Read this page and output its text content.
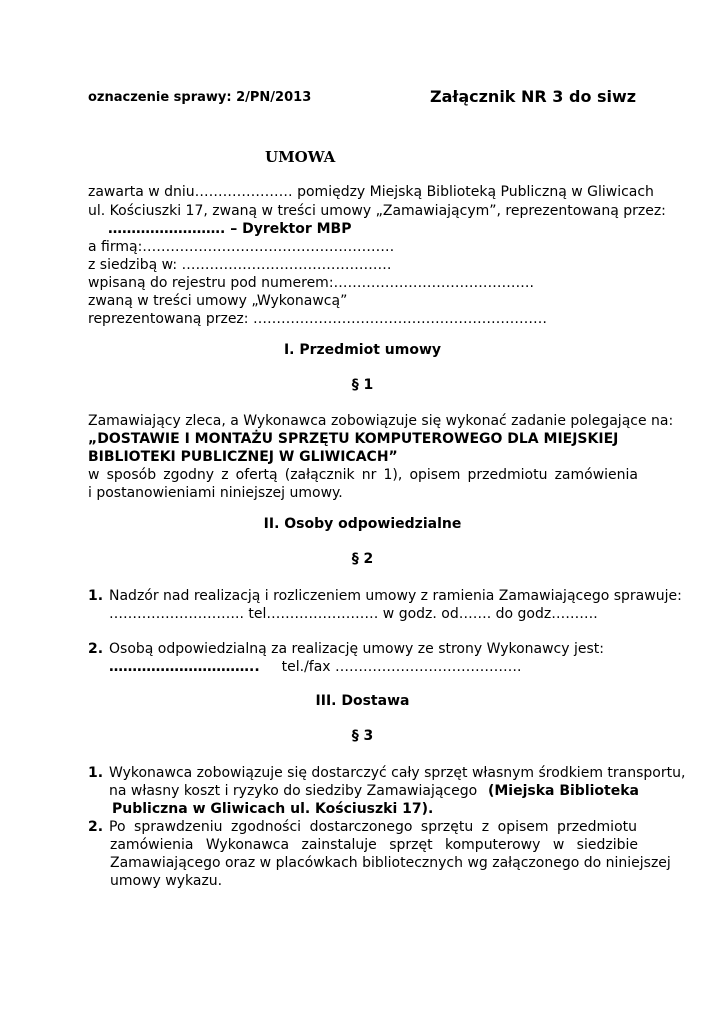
oznaczenie sprawy: 2/PN/2013	Załącznik NR 3 do siwz
UMOWA
zawarta w dniu………………… pomiędzy Miejską Biblioteką Publiczną w Gliwicach
ul. Kościuszki 17, zwaną w treści umowy „Zamawiającym”, reprezentowaną przez:
……………………. – Dyrektor MBP
a firmą:………………………………………………
z siedzibą w: ………………………………………
wpisaną do rejestru pod numerem:…………………………………….
zwaną w treści umowy „Wykonawcą”
reprezentowaną przez: ………………………………………………………
I. Przedmiot umowy
§ 1
Zamawiający zleca, a Wykonawca zobowiązuje się wykonać zadanie polegające na:
„DOSTAWIE I MONTAŻU SPRZĘTU KOMPUTEROWEGO DLA MIEJSKIEJ
BIBLIOTEKI PUBLICZNEJ W GLIWICACH”
w sposób zgodny z ofertą (załącznik nr 1), opisem przedmiotu zamówienia
i postanowieniami niniejszej umowy.
II. Osoby odpowiedzialne
§ 2
1. Nadzór nad realizacją i rozliczeniem umowy z ramienia Zamawiającego sprawuje:
……………………….. tel…………………… w godz. od……. do godz……….
2. Osobą odpowiedzialną za realizację umowy ze strony Wykonawcy jest:
………………………….. tel./fax ………………………………….
III. Dostawa
§ 3
1. Wykonawca zobowiązuje się dostarczyć cały sprzęt własnym środkiem transportu,
na własny koszt i ryzyko do siedziby Zamawiającego (Miejska Biblioteka
Publiczna w Gliwicach ul. Kościuszki 17).
2. Po sprawdzeniu zgodności dostarczonego sprzętu z opisem przedmiotu
zamówienia Wykonawca zainstaluje sprzęt komputerowy w siedzibie
Zamawiającego oraz w placówkach bibliotecznych wg załączonego do niniejszej
umowy wykazu.
